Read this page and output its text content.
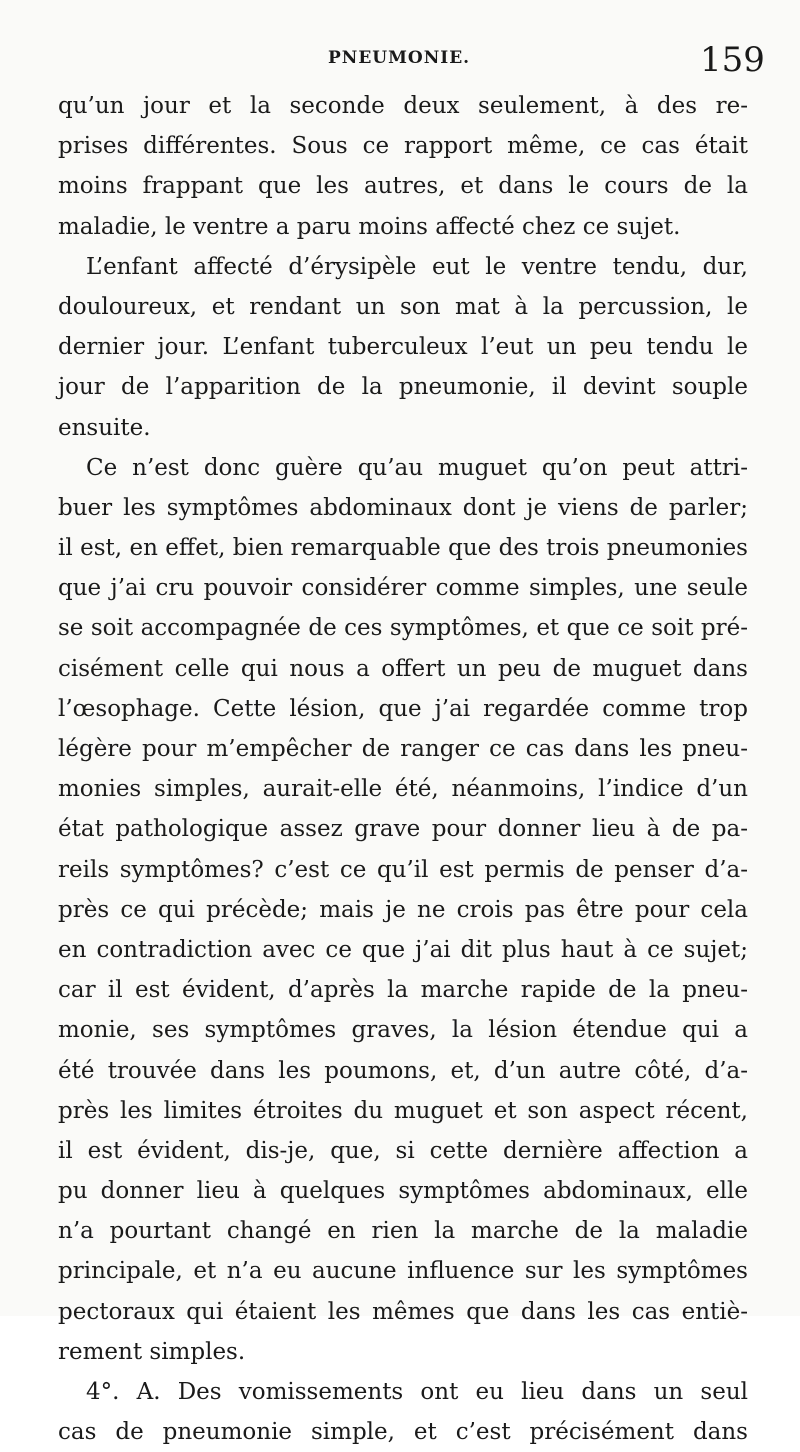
PNEUMONIE.	159
qu’un jour et la seconde deux seulement, à des re-
prises différentes. Sous ce rapport même, ce cas était
moins frappant que les autres, et dans le cours de la
maladie, le ventre a paru moins affecté chez ce sujet.
L’enfant affecté d’érysipèle eut le ventre tendu, dur,
douloureux, et rendant un son mat à la percussion, le
dernier jour. L’enfant tuberculeux l’eut un peu tendu le
jour de l’apparition de la pneumonie, il devint souple
ensuite.
Ce n’est donc guère qu’au muguet qu’on peut attri-
buer les symptômes abdominaux dont je viens de parler;
il est, en effet, bien remarquable que des trois pneumonies
que j’ai cru pouvoir considérer comme simples, une seule
se soit accompagnée de ces symptômes, et que ce soit pré-
cisément celle qui nous a offert un peu de muguet dans
l’œsophage. Cette lésion, que j’ai regardée comme trop
légère pour m’empêcher de ranger ce cas dans les pneu-
monies simples, aurait-elle été, néanmoins, l’indice d’un
état pathologique assez grave pour donner lieu à de pa-
reils symptômes? c’est ce qu’il est permis de penser d’a-
près ce qui précède; mais je ne crois pas être pour cela
en contradiction avec ce que j’ai dit plus haut à ce sujet;
car il est évident, d’après la marche rapide de la pneu-
monie, ses symptômes graves, la lésion étendue qui a
été trouvée dans les poumons, et, d’un autre côté, d’a-
près les limites étroites du muguet et son aspect récent,
il est évident, dis-je, que, si cette dernière affection a
pu donner lieu à quelques symptômes abdominaux, elle
n’a pourtant changé en rien la marche de la maladie
principale, et n’a eu aucune influence sur les symptômes
pectoraux qui étaient les mêmes que dans les cas entiè-
rement simples.
4°. A. Des vomissements ont eu lieu dans un seul
cas de pneumonie simple, et c’est précisément dans
